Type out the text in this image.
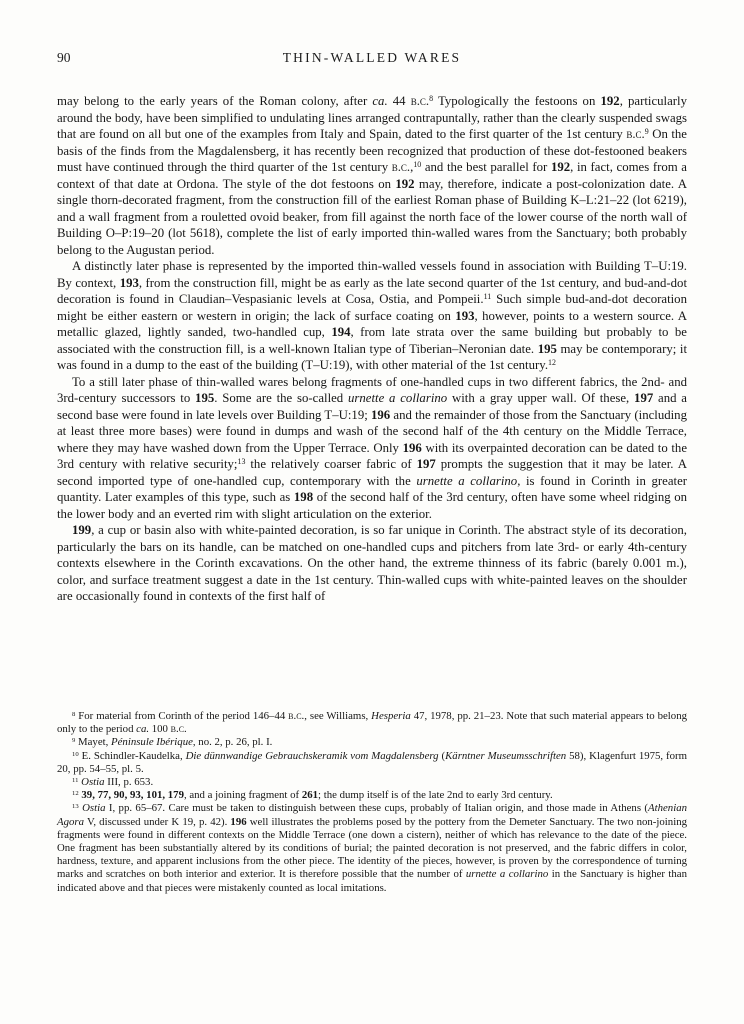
90	THIN-WALLED WARES

may belong to the early years of the Roman colony, after ca. 44 b.c.$^8$ Typologically the festoons on 192, particularly around the body, have been simplified to undulating lines arranged contrapuntally, rather than the clearly suspended swags that are found on all but one of the examples from Italy and Spain, dated to the first quarter of the 1st century b.c.$^9$ On the basis of the finds from the Magdalensberg, it has recently been recognized that production of these dot-festooned beakers must have continued through the third quarter of the 1st century b.c.,$^{10}$ and the best parallel for 192, in fact, comes from a context of that date at Ordona. The style of the dot festoons on 192 may, therefore, indicate a post-colonization date. A single thorn-decorated fragment, from the construction fill of the earliest Roman phase of Building K–L:21–22 (lot 6219), and a wall fragment from a rouletted ovoid beaker, from fill against the north face of the lower course of the north wall of Building O–P:19–20 (lot 5618), complete the list of early imported thin-walled wares from the Sanctuary; both probably belong to the Augustan period.

A distinctly later phase is represented by the imported thin-walled vessels found in association with Building T–U:19. By context, 193, from the construction fill, might be as early as the late second quarter of the 1st century, and bud-and-dot decoration is found in Claudian–Vespasianic levels at Cosa, Ostia, and Pompeii.$^{11}$ Such simple bud-and-dot decoration might be either eastern or western in origin; the lack of surface coating on 193, however, points to a western source. A metallic glazed, lightly sanded, two-handled cup, 194, from late strata over the same building but probably to be associated with the construction fill, is a well-known Italian type of Tiberian–Neronian date. 195 may be contemporary; it was found in a dump to the east of the building (T–U:19), with other material of the 1st century.$^{12}$

To a still later phase of thin-walled wares belong fragments of one-handled cups in two different fabrics, the 2nd- and 3rd-century successors to 195. Some are the so-called urnette a collarino with a gray upper wall. Of these, 197 and a second base were found in late levels over Building T–U:19; 196 and the remainder of those from the Sanctuary (including at least three more bases) were found in dumps and wash of the second half of the 4th century on the Middle Terrace, where they may have washed down from the Upper Terrace. Only 196 with its overpainted decoration can be dated to the 3rd century with relative security;$^{13}$ the relatively coarser fabric of 197 prompts the suggestion that it may be later. A second imported type of one-handled cup, contemporary with the urnette a collarino, is found in Corinth in greater quantity. Later examples of this type, such as 198 of the second half of the 3rd century, often have some wheel ridging on the lower body and an everted rim with slight articulation on the exterior.

199, a cup or basin also with white-painted decoration, is so far unique in Corinth. The abstract style of its decoration, particularly the bars on its handle, can be matched on one-handled cups and pitchers from late 3rd- or early 4th-century contexts elsewhere in the Corinth excavations. On the other hand, the extreme thinness of its fabric (barely 0.001 m.), color, and surface treatment suggest a date in the 1st century. Thin-walled cups with white-painted leaves on the shoulder are occasionally found in contexts of the first half of

$^8$ For material from Corinth of the period 146–44 b.c., see Williams, Hesperia 47, 1978, pp. 21–23. Note that such material appears to belong only to the period ca. 100 b.c.

$^9$ Mayet, Péninsule Ibérique, no. 2, p. 26, pl. I.

$^{10}$ E. Schindler-Kaudelka, Die dünnwandige Gebrauchskeramik vom Magdalensberg (Kärntner Museumsschriften 58), Klagenfurt 1975, form 20, pp. 54–55, pl. 5.

$^{11}$ Ostia III, p. 653.

$^{12}$ 39, 77, 90, 93, 101, 179, and a joining fragment of 261; the dump itself is of the late 2nd to early 3rd century.

$^{13}$ Ostia I, pp. 65–67. Care must be taken to distinguish between these cups, probably of Italian origin, and those made in Athens (Athenian Agora V, discussed under K 19, p. 42). 196 well illustrates the problems posed by the pottery from the Demeter Sanctuary. The two non-joining fragments were found in different contexts on the Middle Terrace (one down a cistern), neither of which has relevance to the date of the piece. One fragment has been substantially altered by its conditions of burial; the painted decoration is not preserved, and the fabric differs in color, hardness, texture, and apparent inclusions from the other piece. The identity of the pieces, however, is proven by the correspondence of turning marks and scratches on both interior and exterior. It is therefore possible that the number of urnette a collarino in the Sanctuary is higher than indicated above and that pieces were mistakenly counted as local imitations.
